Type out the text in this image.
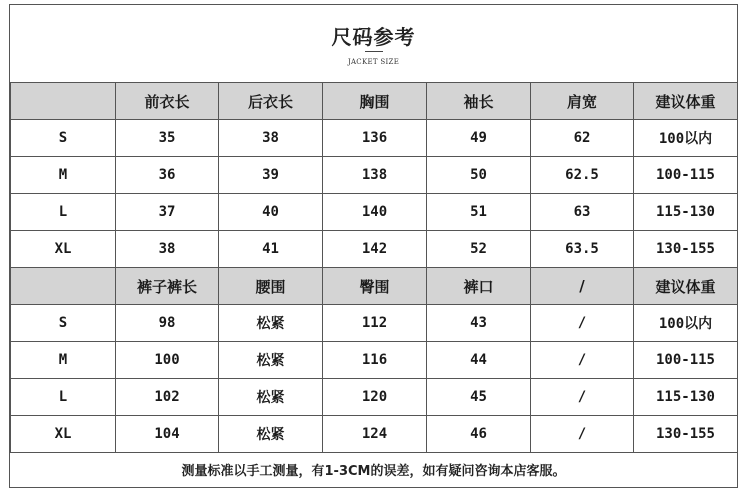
尺码参考
JACKET SIZE
	前衣长	后衣长	胸围	袖长	肩宽	建议体重
S	35	38	136	49	62	100以内
M	36	39	138	50	62.5	100-115
L	37	40	140	51	63	115-130
XL	38	41	142	52	63.5	130-155
	裤子裤长	腰围	臀围	裤口	/	建议体重
S	98	松紧	112	43	/	100以内
M	100	松紧	116	44	/	100-115
L	102	松紧	120	45	/	115-130
XL	104	松紧	124	46	/	130-155
测量标准以手工测量，有1-3CM的误差，如有疑问咨询本店客服。
